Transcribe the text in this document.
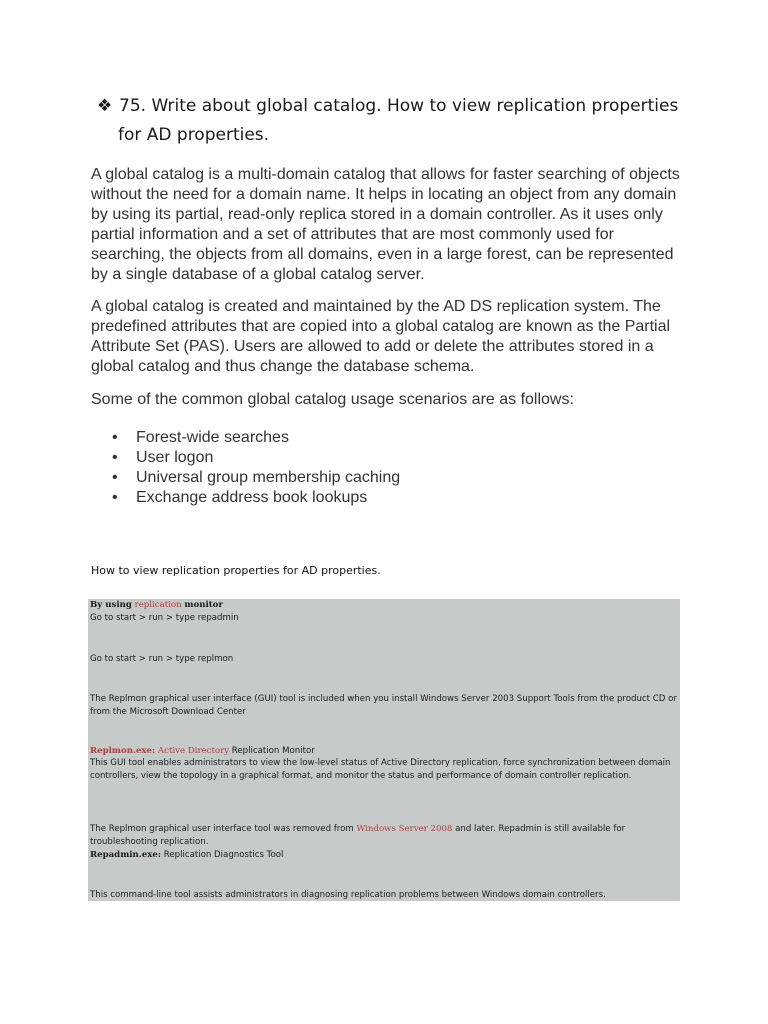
❖ 75. Write about global catalog. How to view replication properties
for AD properties.
A global catalog is a multi-domain catalog that allows for faster searching of objects without the need for a domain name. It helps in locating an object from any domain by using its partial, read-only replica stored in a domain controller. As it uses only partial information and a set of attributes that are most commonly used for searching, the objects from all domains, even in a large forest, can be represented by a single database of a global catalog server.
A global catalog is created and maintained by the AD DS replication system. The predefined attributes that are copied into a global catalog are known as the Partial Attribute Set (PAS). Users are allowed to add or delete the attributes stored in a global catalog and thus change the database schema.
Some of the common global catalog usage scenarios are as follows:
• Forest-wide searches
• User logon
• Universal group membership caching
• Exchange address book lookups
How to view replication properties for AD properties.
By using replication monitor
Go to start > run > type repadmin
Go to start > run > type replmon
The Replmon graphical user interface (GUI) tool is included when you install Windows Server 2003 Support Tools from the product CD or from the Microsoft Download Center
Replmon.exe: Active Directory Replication Monitor
This GUI tool enables administrators to view the low-level status of Active Directory replication, force synchronization between domain controllers, view the topology in a graphical format, and monitor the status and performance of domain controller replication.
The Replmon graphical user interface tool was removed from Windows Server 2008 and later. Repadmin is still available for troubleshooting replication.
Repadmin.exe: Replication Diagnostics Tool
This command-line tool assists administrators in diagnosing replication problems between Windows domain controllers.
